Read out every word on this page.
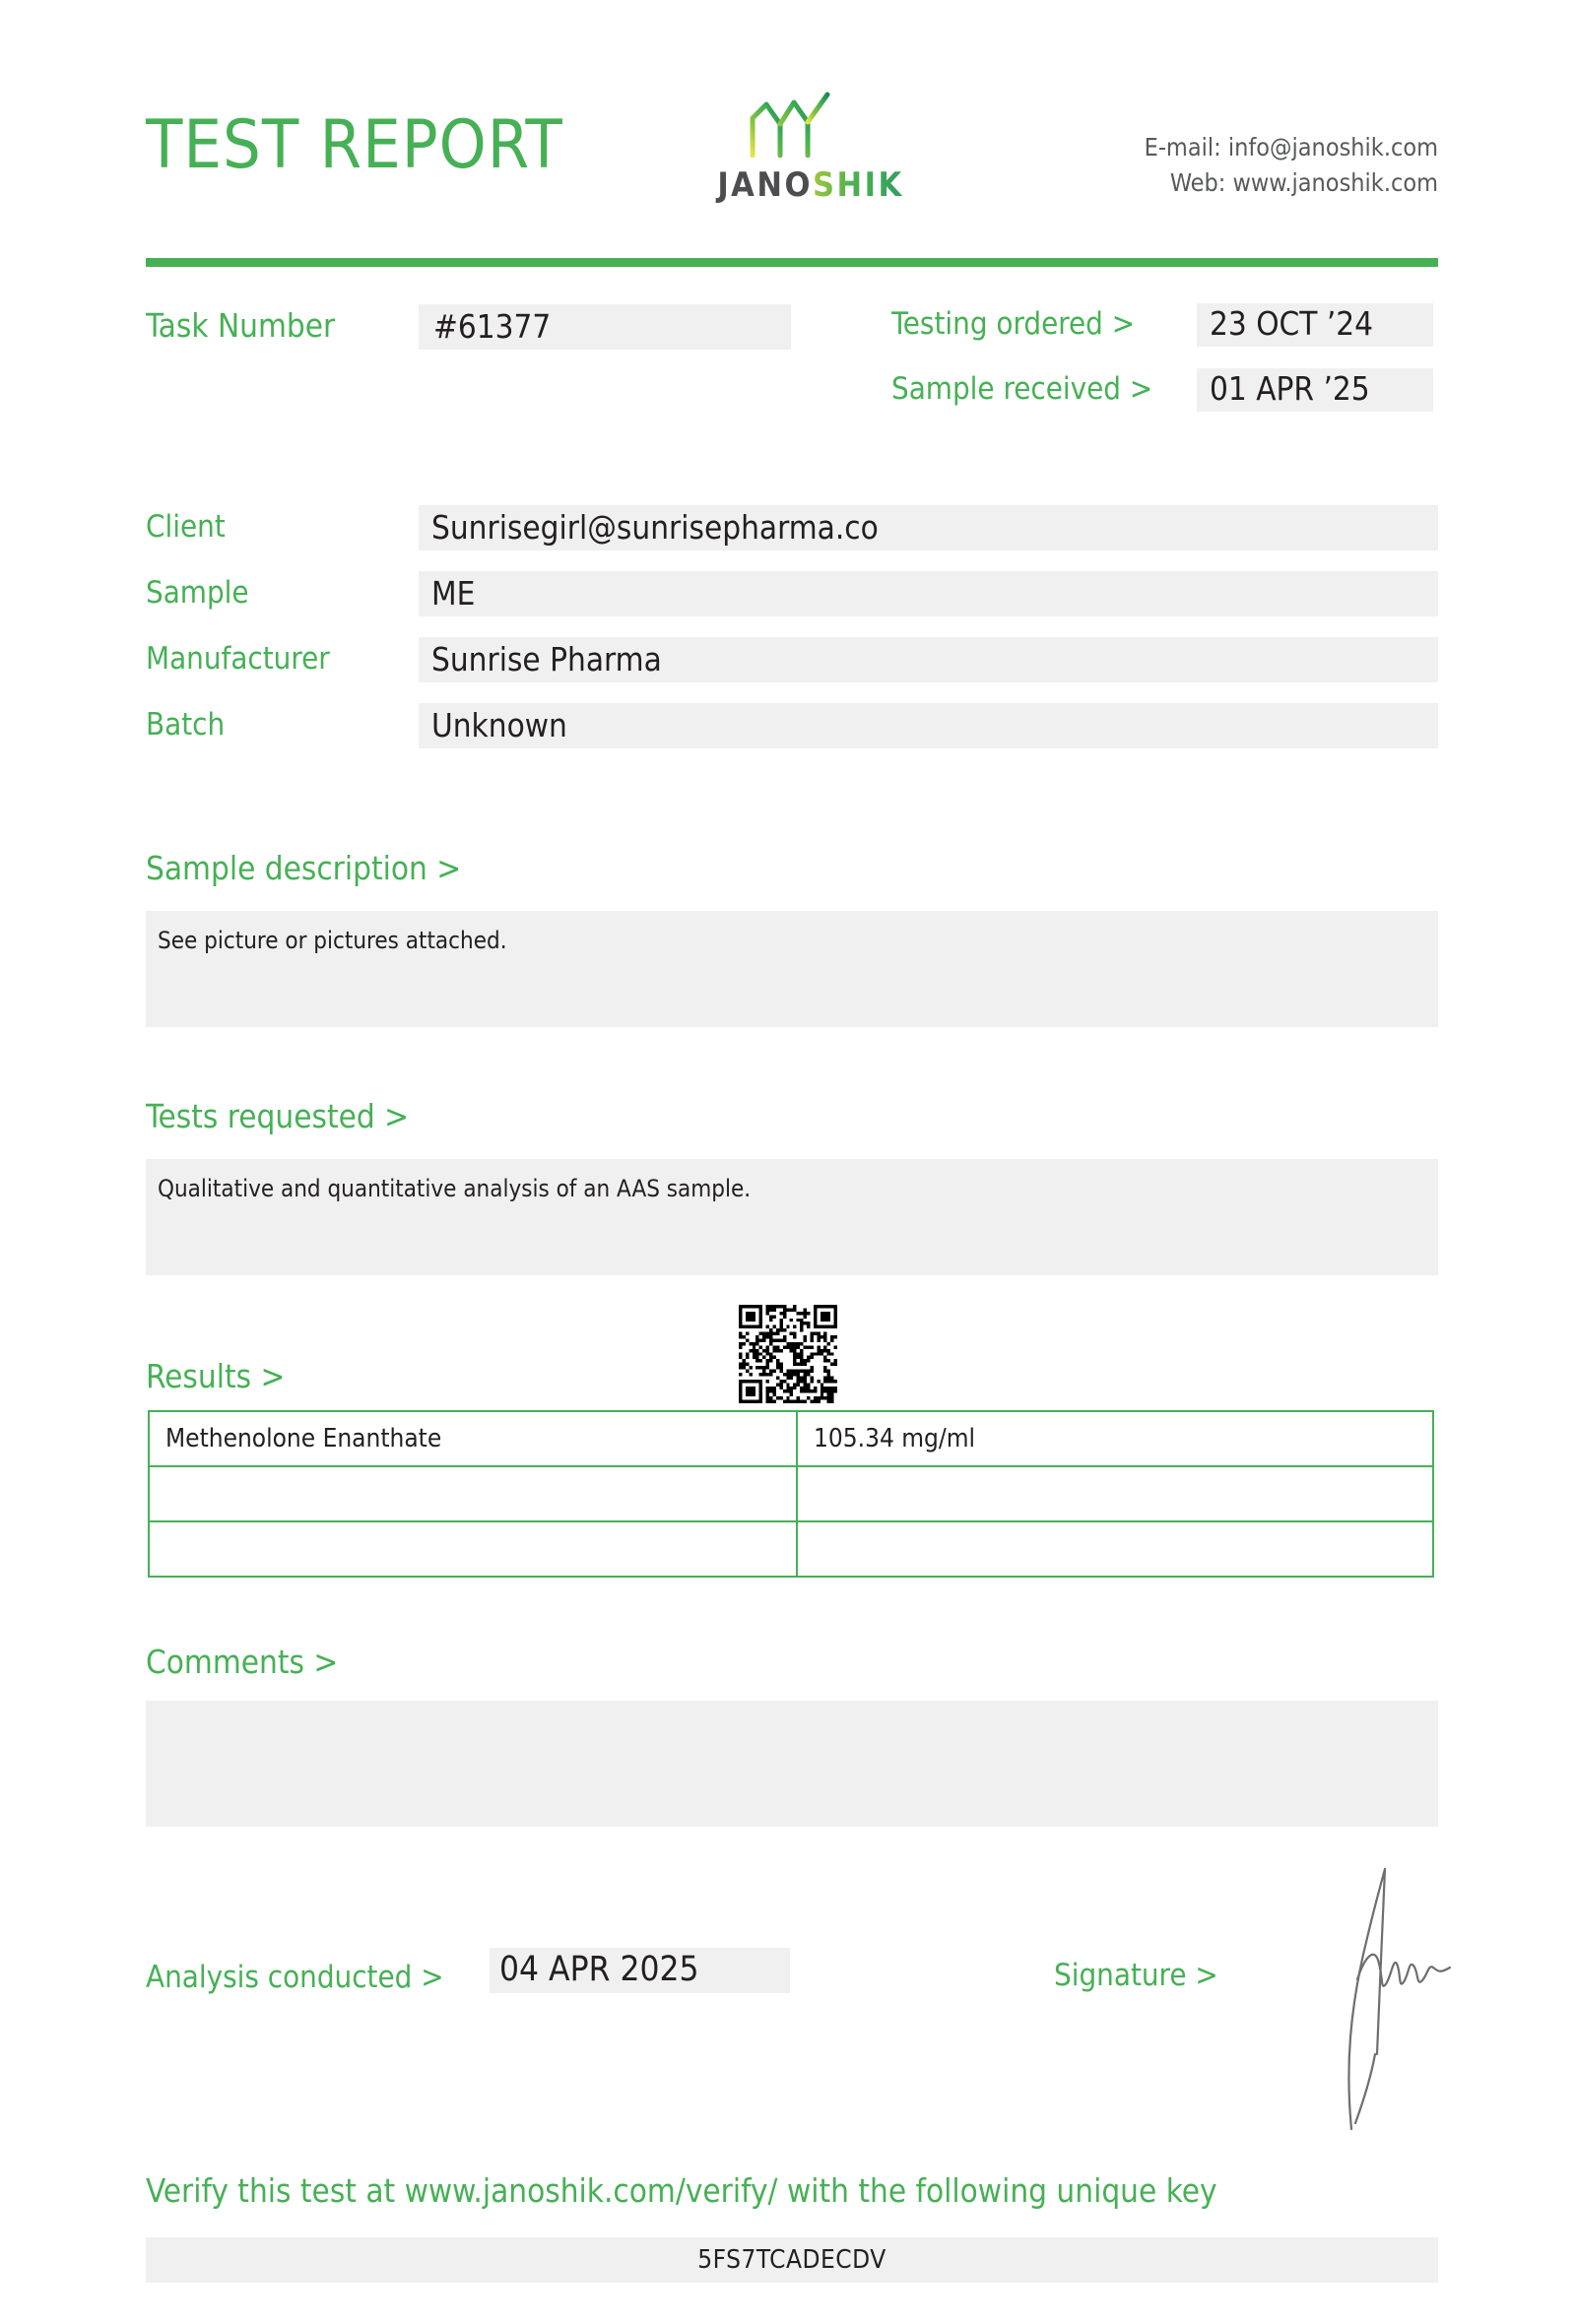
TEST REPORT
JANOSHIK
E-mail: info@janoshik.com
Web: www.janoshik.com
Task Number	#61377	Testing ordered >	23 OCT ’24
Sample received >	01 APR ’25
Client	Sunrisegirl@sunrisepharma.co
Sample	ME
Manufacturer	Sunrise Pharma
Batch	Unknown
Sample description >
See picture or pictures attached.
Tests requested >
Qualitative and quantitative analysis of an AAS sample.
Results >
Methenolone Enanthate	105.34 mg/ml

Comments >
Analysis conducted > 04 APR 2025	Signature >
Verify this test at www.janoshik.com/verify/ with the following unique key
5FS7TCADECDV
